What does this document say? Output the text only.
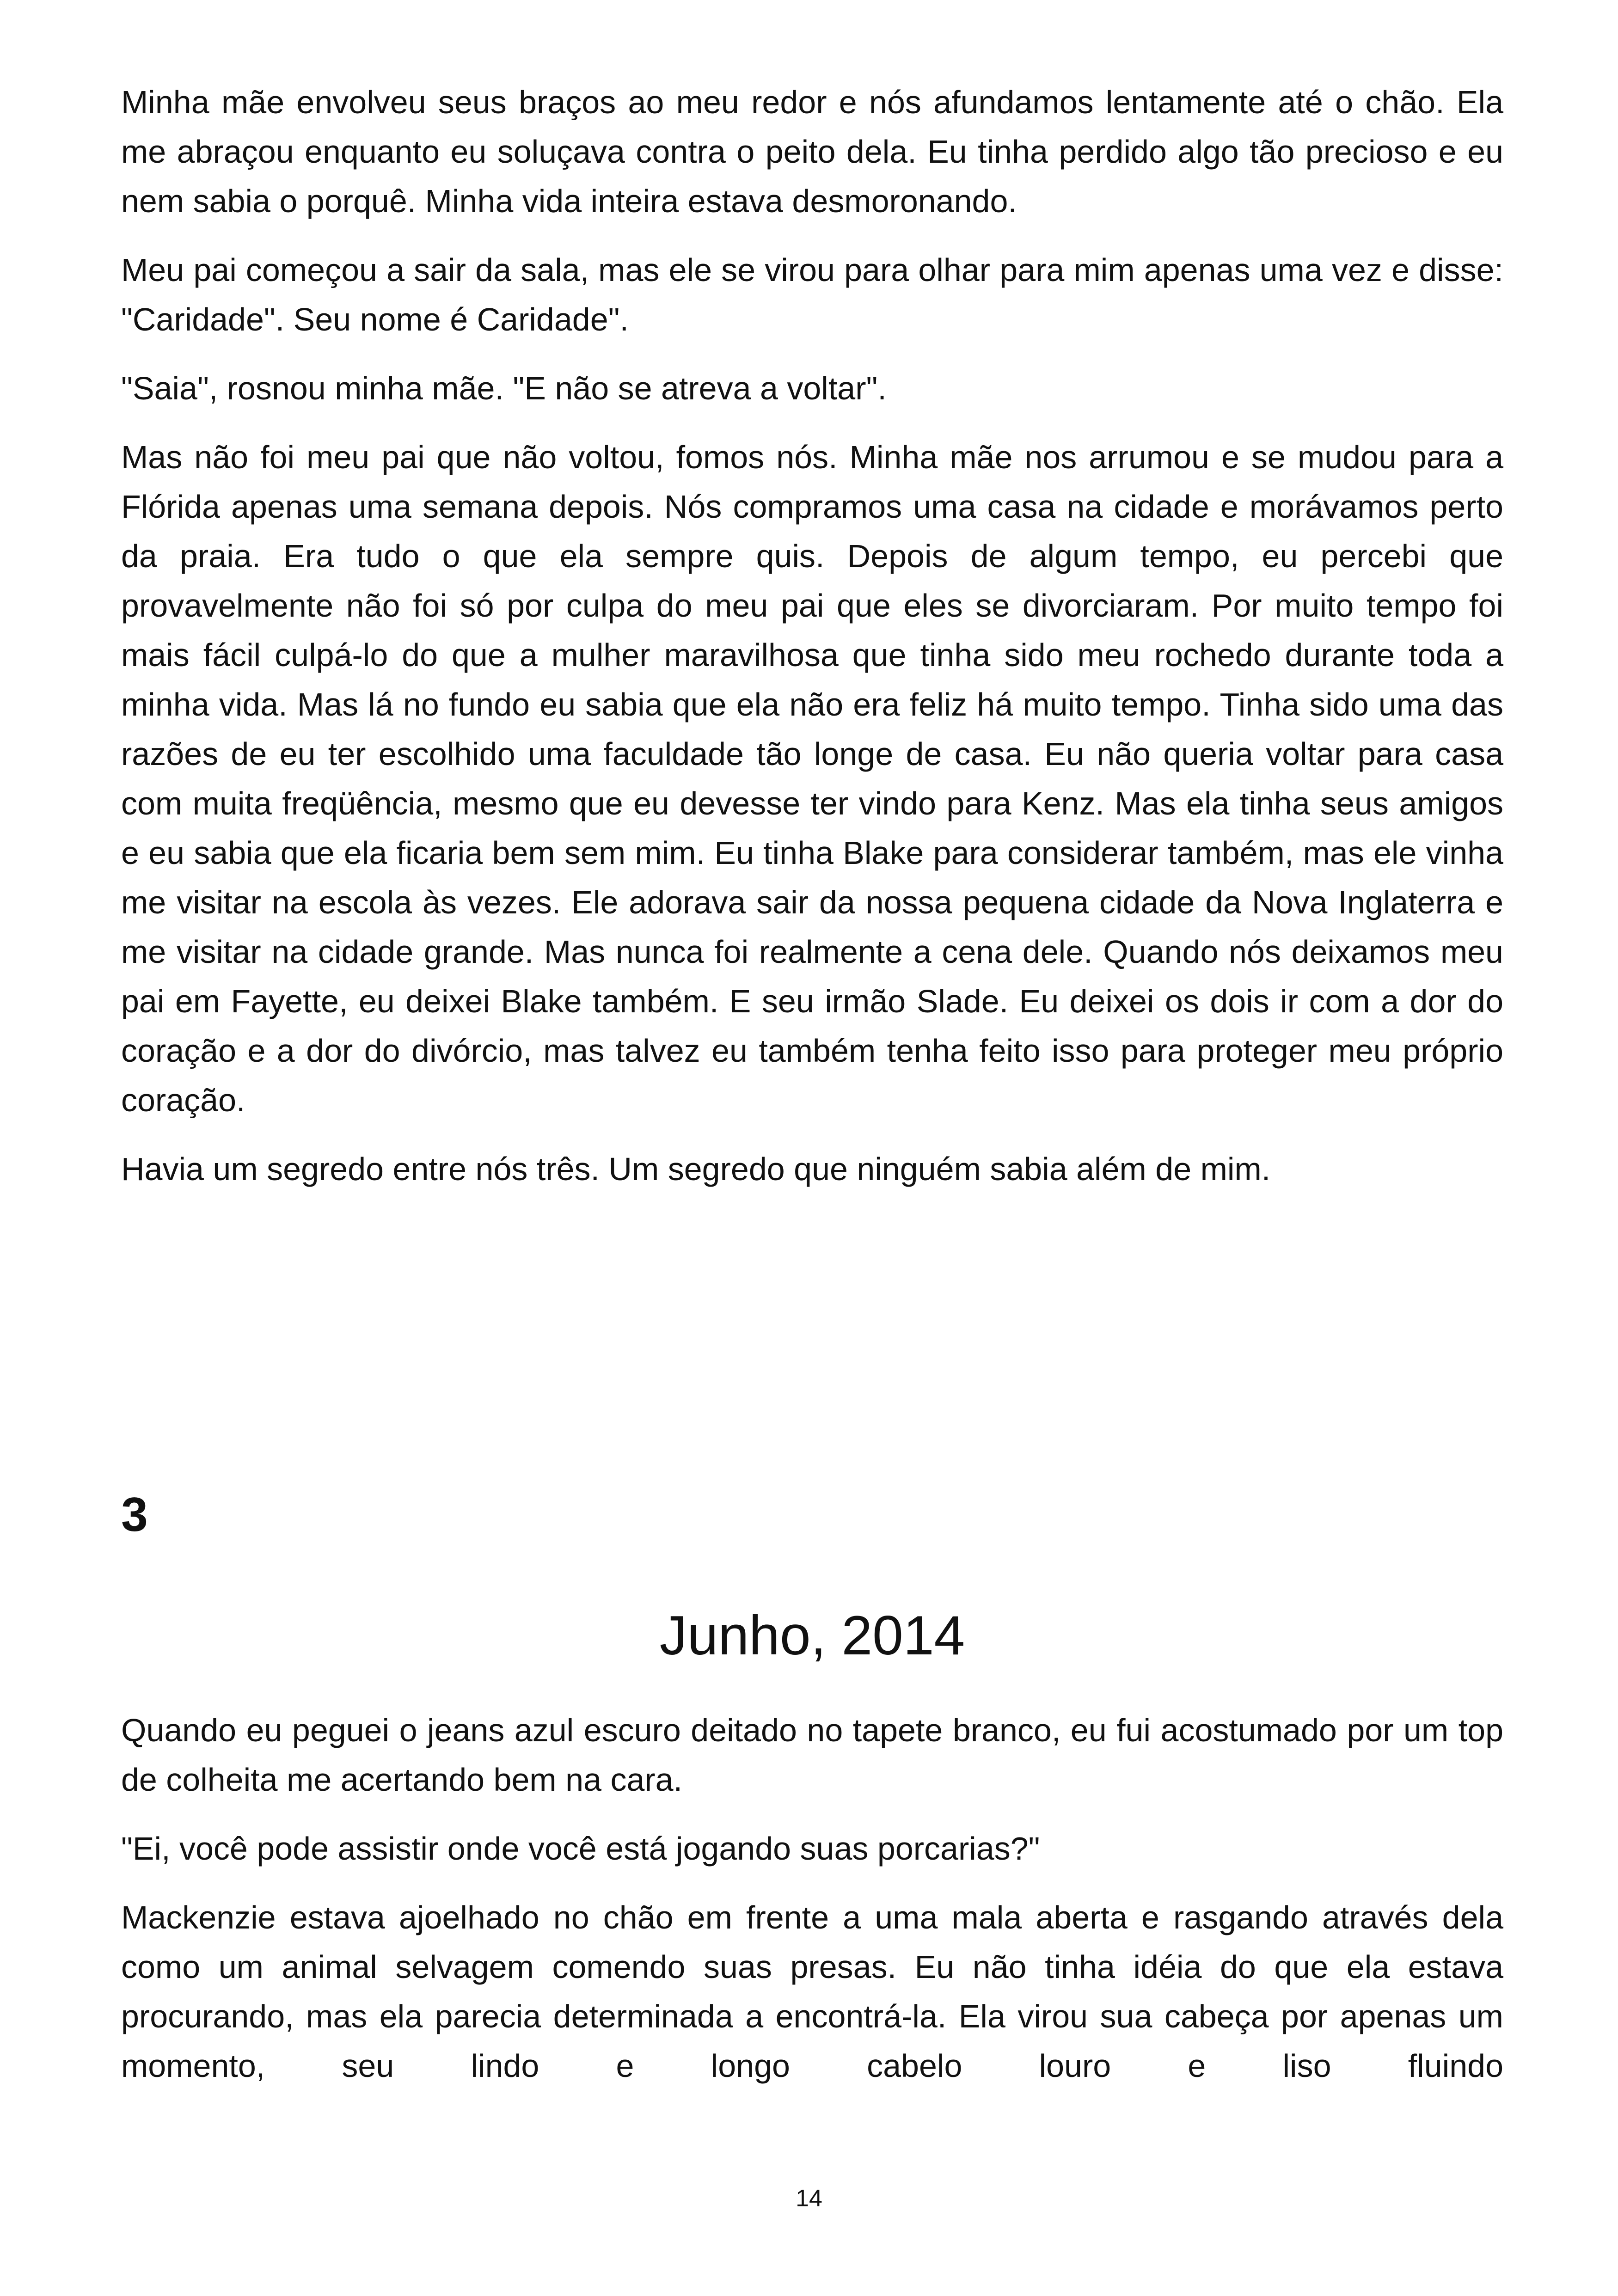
Minha mãe envolveu seus braços ao meu redor e nós afundamos lentamente até o chão. Ela me abraçou enquanto eu soluçava contra o peito dela. Eu tinha perdido algo tão precioso e eu nem sabia o porquê. Minha vida inteira estava desmoronando.

Meu pai começou a sair da sala, mas ele se virou para olhar para mim apenas uma vez e disse: "Caridade". Seu nome é Caridade".

"Saia", rosnou minha mãe. "E não se atreva a voltar".

Mas não foi meu pai que não voltou, fomos nós. Minha mãe nos arrumou e se mudou para a Flórida apenas uma semana depois. Nós compramos uma casa na cidade e morávamos perto da praia. Era tudo o que ela sempre quis. Depois de algum tempo, eu percebi que provavelmente não foi só por culpa do meu pai que eles se divorciaram. Por muito tempo foi mais fácil culpá-lo do que a mulher maravilhosa que tinha sido meu rochedo durante toda a minha vida. Mas lá no fundo eu sabia que ela não era feliz há muito tempo. Tinha sido uma das razões de eu ter escolhido uma faculdade tão longe de casa. Eu não queria voltar para casa com muita freqüência, mesmo que eu devesse ter vindo para Kenz. Mas ela tinha seus amigos e eu sabia que ela ficaria bem sem mim. Eu tinha Blake para considerar também, mas ele vinha me visitar na escola às vezes. Ele adorava sair da nossa pequena cidade da Nova Inglaterra e me visitar na cidade grande. Mas nunca foi realmente a cena dele. Quando nós deixamos meu pai em Fayette, eu deixei Blake também. E seu irmão Slade. Eu deixei os dois ir com a dor do coração e a dor do divórcio, mas talvez eu também tenha feito isso para proteger meu próprio coração.

Havia um segredo entre nós três. Um segredo que ninguém sabia além de mim.

3
Junho, 2014

Quando eu peguei o jeans azul escuro deitado no tapete branco, eu fui acostumado por um top de colheita me acertando bem na cara.

"Ei, você pode assistir onde você está jogando suas porcarias?"

Mackenzie estava ajoelhado no chão em frente a uma mala aberta e rasgando através dela como um animal selvagem comendo suas presas. Eu não tinha idéia do que ela estava procurando, mas ela parecia determinada a encontrá-la. Ela virou sua cabeça por apenas um momento, seu lindo e longo cabelo louro e liso fluindo

14
